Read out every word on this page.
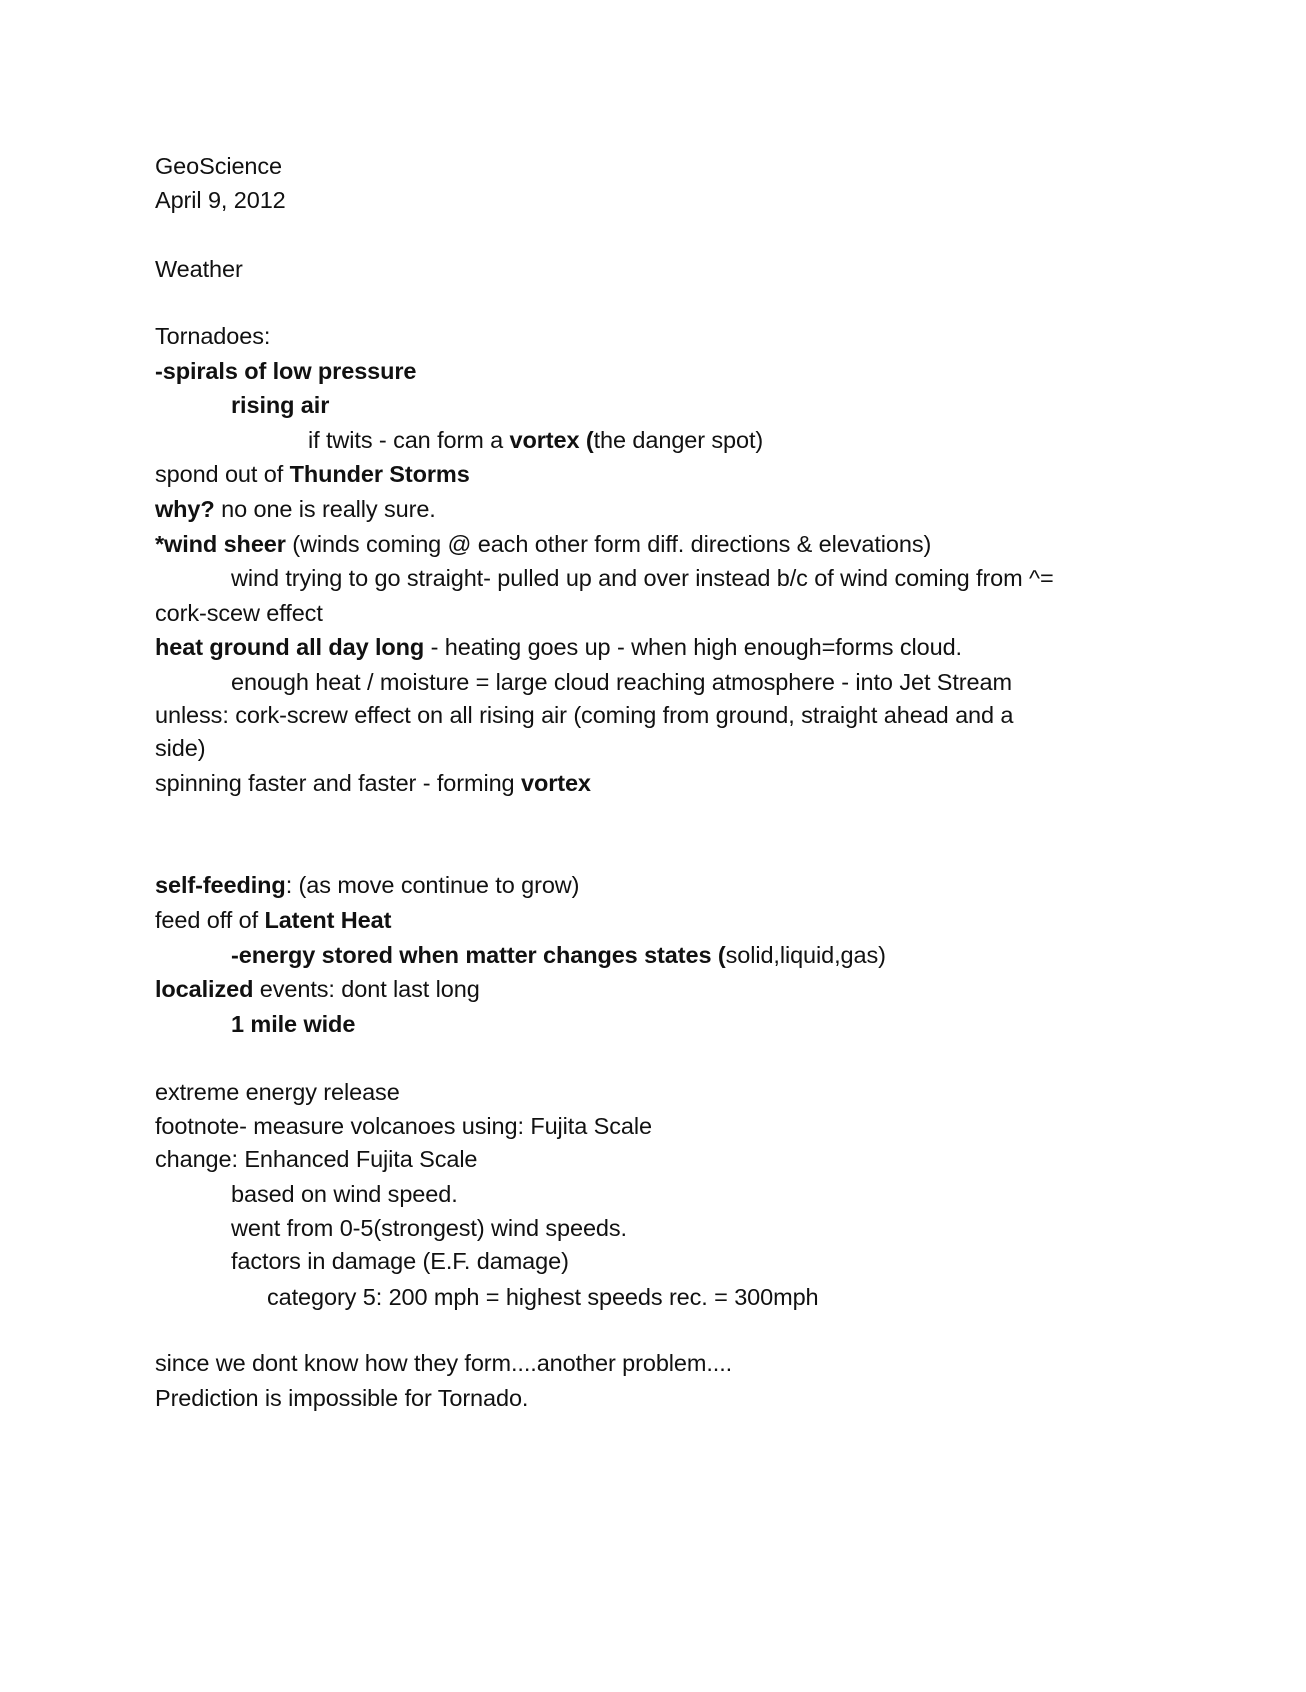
GeoScience

April 9, 2012

Weather

Tornadoes:

-spirals of low pressure

rising air

if twits - can form a vortex (the danger spot)

spond out of Thunder Storms

why? no one is really sure.

*wind sheer (winds coming @ each other form diff. directions & elevations)

wind trying to go straight- pulled up and over instead b/c of wind coming from ^=

cork-scew effect

heat ground all day long - heating goes up - when high enough=forms cloud.

enough heat / moisture = large cloud reaching atmosphere - into Jet Stream

unless: cork-screw effect on all rising air (coming from ground, straight ahead and a

side)

spinning faster and faster - forming vortex

self-feeding: (as move continue to grow)

feed off of Latent Heat

-energy stored when matter changes states (solid,liquid,gas)

localized events: dont last long

1 mile wide

extreme energy release

footnote- measure volcanoes using: Fujita Scale

change: Enhanced Fujita Scale

based on wind speed.

went from 0-5(strongest) wind speeds.

factors in damage (E.F. damage)

category 5: 200 mph = highest speeds rec. = 300mph

since we dont know how they form....another problem....

Prediction is impossible for Tornado.
